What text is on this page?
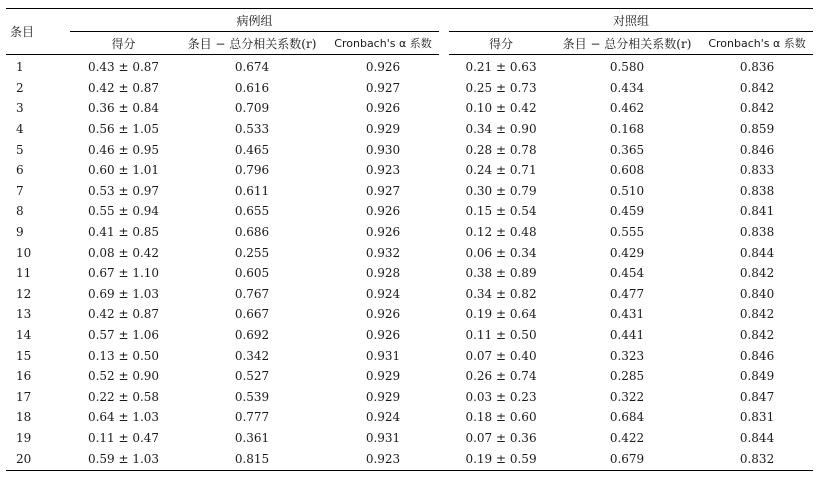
条目	病例组				对照组		
	得分	条目 − 总分相关系数(r)	Cronbach's α 系数		得分	条目 − 总分相关系数(r)	Cronbach's α 系数
1	0.43 ± 0.87	0.674	0.926		0.21 ± 0.63	0.580	0.836
2	0.42 ± 0.87	0.616	0.927		0.25 ± 0.73	0.434	0.842
3	0.36 ± 0.84	0.709	0.926		0.10 ± 0.42	0.462	0.842
4	0.56 ± 1.05	0.533	0.929		0.34 ± 0.90	0.168	0.859
5	0.46 ± 0.95	0.465	0.930		0.28 ± 0.78	0.365	0.846
6	0.60 ± 1.01	0.796	0.923		0.24 ± 0.71	0.608	0.833
7	0.53 ± 0.97	0.611	0.927		0.30 ± 0.79	0.510	0.838
8	0.55 ± 0.94	0.655	0.926		0.15 ± 0.54	0.459	0.841
9	0.41 ± 0.85	0.686	0.926		0.12 ± 0.48	0.555	0.838
10	0.08 ± 0.42	0.255	0.932		0.06 ± 0.34	0.429	0.844
11	0.67 ± 1.10	0.605	0.928		0.38 ± 0.89	0.454	0.842
12	0.69 ± 1.03	0.767	0.924		0.34 ± 0.82	0.477	0.840
13	0.42 ± 0.87	0.667	0.926		0.19 ± 0.64	0.431	0.842
14	0.57 ± 1.06	0.692	0.926		0.11 ± 0.50	0.441	0.842
15	0.13 ± 0.50	0.342	0.931		0.07 ± 0.40	0.323	0.846
16	0.52 ± 0.90	0.527	0.929		0.26 ± 0.74	0.285	0.849
17	0.22 ± 0.58	0.539	0.929		0.03 ± 0.23	0.322	0.847
18	0.64 ± 1.03	0.777	0.924		0.18 ± 0.60	0.684	0.831
19	0.11 ± 0.47	0.361	0.931		0.07 ± 0.36	0.422	0.844
20	0.59 ± 1.03	0.815	0.923		0.19 ± 0.59	0.679	0.832
